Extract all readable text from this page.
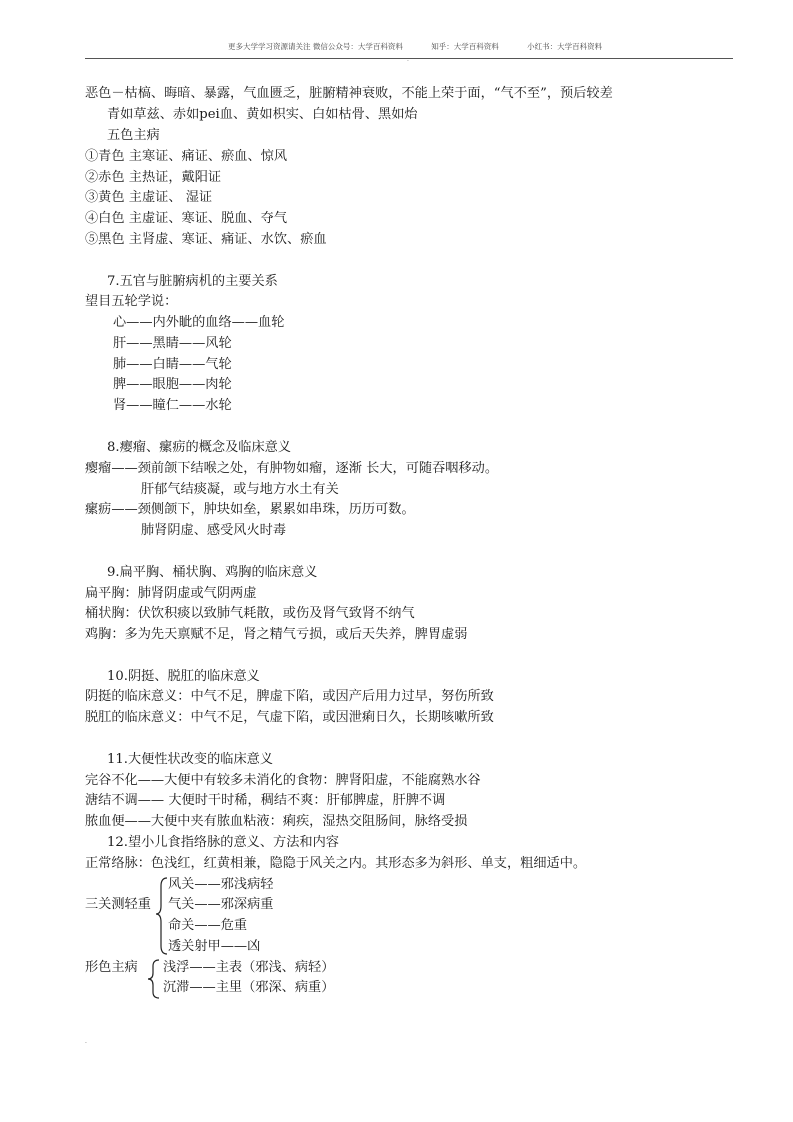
更多大学学习资源请关注 微信公众号：大学百科资料	知乎：大学百科资料	小红书：大学百科资料
.
恶色－枯槁、晦暗、暴露，气血匮乏，脏腑精神衰败，不能上荣于面，“气不至”，预后较差
青如草兹、赤如pei血、黄如枳实、白如枯骨、黑如炲
五色主病
①青色 主寒证、痛证、瘀血、惊风
②赤色 主热证，戴阳证
③黄色 主虚证、 湿证
④白色 主虚证、寒证、脱血、夺气
⑤黑色 主肾虚、寒证、痛证、水饮、瘀血
7.五官与脏腑病机的主要关系
望目五轮学说：
心——内外眦的血络——血轮
肝——黑睛——风轮
肺——白睛——气轮
脾——眼胞——肉轮
肾——瞳仁——水轮
8.瘿瘤、瘰疬的概念及临床意义
瘿瘤——颈前颌下结喉之处，有肿物如瘤，逐渐 长大，可随吞咽移动。
肝郁气结痰凝，或与地方水土有关
瘰疬——颈侧颌下，肿块如垒，累累如串珠，历历可数。
肺肾阴虚、感受风火时毒
9.扁平胸、桶状胸、鸡胸的临床意义
扁平胸：肺肾阴虚或气阴两虚
桶状胸：伏饮积痰以致肺气耗散，或伤及肾气致肾不纳气
鸡胸：多为先天禀赋不足，肾之精气亏损，或后天失养，脾胃虚弱
10.阴挺、脱肛的临床意义
阴挺的临床意义：中气不足，脾虚下陷，或因产后用力过早，努伤所致
脱肛的临床意义：中气不足，气虚下陷，或因泄痢日久，长期咳嗽所致
11.大便性状改变的临床意义
完谷不化——大便中有较多未消化的食物：脾肾阳虚，不能腐熟水谷
溏结不调—— 大便时干时稀，稠结不爽：肝郁脾虚，肝脾不调
脓血便——大便中夹有脓血粘液：痢疾，湿热交阻肠间，脉络受损
12.望小儿食指络脉的意义、方法和内容
正常络脉：色浅红，红黄相兼，隐隐于风关之内。其形态多为斜形、单支，粗细适中。
风关——邪浅病轻
三关测轻重 气关——邪深病重
命关——危重
透关射甲——凶
形色主病 浅浮——主表（邪浅、病轻）
沉滞——主里（邪深、病重）
.
